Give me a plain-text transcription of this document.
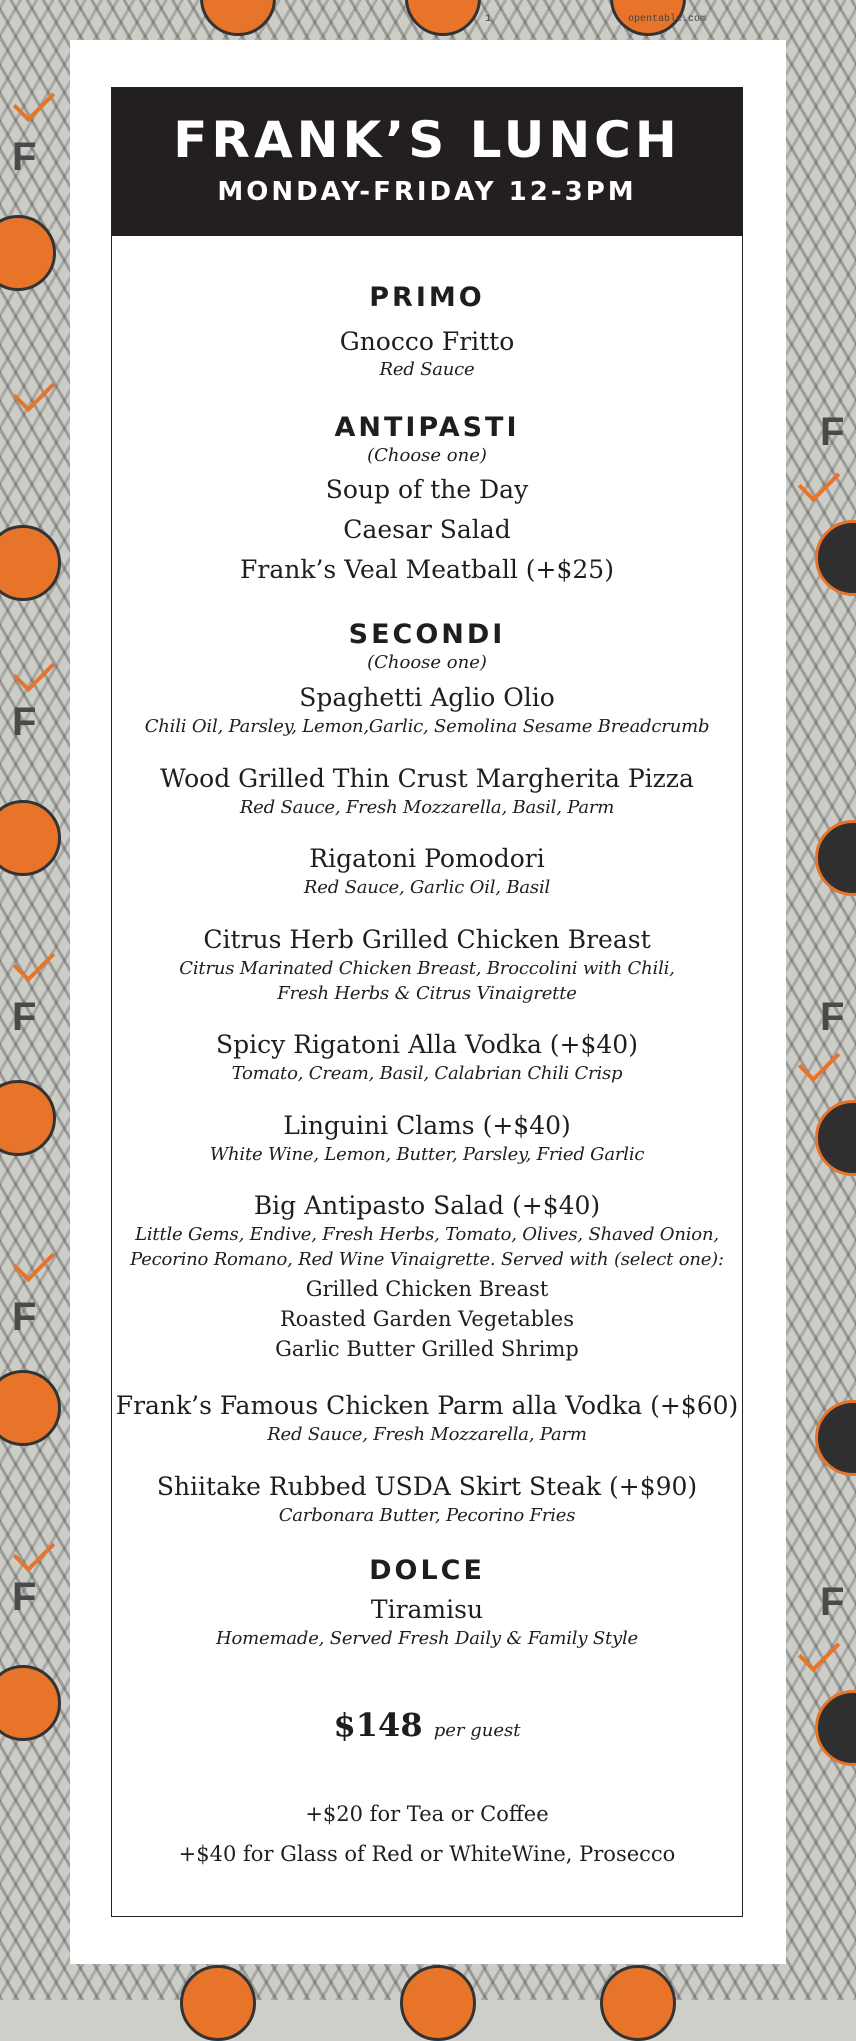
F
F
F
F
F
F
F
F
1	opentable.com
FRANK’S LUNCH
MONDAY-FRIDAY 12-3PM
PRIMO
Gnocco Fritto
Red Sauce
ANTIPASTI
(Choose one)
Soup of the Day
Caesar Salad
Frank’s Veal Meatball (+$25)
SECONDI
(Choose one)
Spaghetti Aglio Olio
Chili Oil, Parsley, Lemon,Garlic, Semolina Sesame Breadcrumb
Wood Grilled Thin Crust Margherita Pizza
Red Sauce, Fresh Mozzarella, Basil, Parm
Rigatoni Pomodori
Red Sauce, Garlic Oil, Basil
Citrus Herb Grilled Chicken Breast
Citrus Marinated Chicken Breast, Broccolini with Chili,
Fresh Herbs & Citrus Vinaigrette
Spicy Rigatoni Alla Vodka (+$40)
Tomato, Cream, Basil, Calabrian Chili Crisp
Linguini Clams (+$40)
White Wine, Lemon, Butter, Parsley, Fried Garlic
Big Antipasto Salad (+$40)
Little Gems, Endive, Fresh Herbs, Tomato, Olives, Shaved Onion,
Pecorino Romano, Red Wine Vinaigrette. Served with (select one):
Grilled Chicken Breast
Roasted Garden Vegetables
Garlic Butter Grilled Shrimp
Frank’s Famous Chicken Parm alla Vodka (+$60)
Red Sauce, Fresh Mozzarella, Parm
Shiitake Rubbed USDA Skirt Steak (+$90)
Carbonara Butter, Pecorino Fries
DOLCE
Tiramisu
Homemade, Served Fresh Daily & Family Style
$148 per guest
+$20 for Tea or Coffee
+$40 for Glass of Red or WhiteWine, Prosecco
